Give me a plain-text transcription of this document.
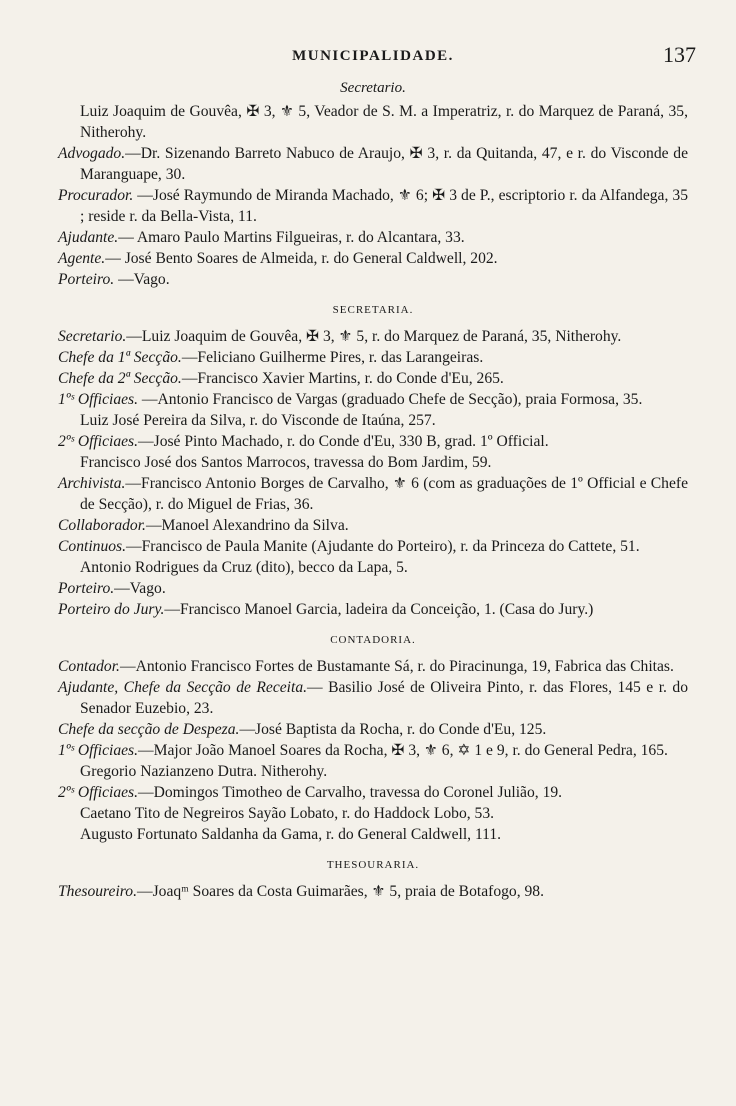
MUNICIPALIDADE.	137
Secretario.

Luiz Joaquim de Gouvêa, ✠ 3, ⚜ 5, Veador de S. M. a Imperatriz, r. do Marquez de Paraná, 35, Nitherohy.

Advogado.—Dr. Sizenando Barreto Nabuco de Araujo, ✠ 3, r. da Quitanda, 47, e r. do Visconde de Maranguape, 30.

Procurador. —José Raymundo de Miranda Machado, ⚜ 6; ✠ 3 de P., escriptorio r. da Alfandega, 35 ; reside r. da Bella-Vista, 11.

Ajudante.— Amaro Paulo Martins Filgueiras, r. do Alcantara, 33.

Agente.— José Bento Soares de Almeida, r. do General Caldwell, 202.

Porteiro. —Vago.

SECRETARIA.

Secretario.—Luiz Joaquim de Gouvêa, ✠ 3, ⚜ 5, r. do Marquez de Paraná, 35, Nitherohy.

Chefe da 1ª Secção.—Feliciano Guilherme Pires, r. das Larangeiras.

Chefe da 2ª Secção.—Francisco Xavier Martins, r. do Conde d'Eu, 265.

1ºˢ Officiaes. —Antonio Francisco de Vargas (graduado Chefe de Secção), praia Formosa, 35.

Luiz José Pereira da Silva, r. do Visconde de Itaúna, 257.

2ºˢ Officiaes.—José Pinto Machado, r. do Conde d'Eu, 330 B, grad. 1º Official.

Francisco José dos Santos Marrocos, travessa do Bom Jardim, 59.

Archivista.—Francisco Antonio Borges de Carvalho, ⚜ 6 (com as graduações de 1º Official e Chefe de Secção), r. do Miguel de Frias, 36.

Collaborador.—Manoel Alexandrino da Silva.

Continuos.—Francisco de Paula Manite (Ajudante do Porteiro), r. da Princeza do Cattete, 51.

Antonio Rodrigues da Cruz (dito), becco da Lapa, 5.

Porteiro.—Vago.

Porteiro do Jury.—Francisco Manoel Garcia, ladeira da Conceição, 1. (Casa do Jury.)

CONTADORIA.

Contador.—Antonio Francisco Fortes de Bustamante Sá, r. do Piracinunga, 19, Fabrica das Chitas.

Ajudante, Chefe da Secção de Receita.— Basilio José de Oliveira Pinto, r. das Flores, 145 e r. do Senador Euzebio, 23.

Chefe da secção de Despeza.—José Baptista da Rocha, r. do Conde d'Eu, 125.

1ºˢ Officiaes.—Major João Manoel Soares da Rocha, ✠ 3, ⚜ 6, ✡ 1 e 9, r. do General Pedra, 165.

Gregorio Nazianzeno Dutra. Nitherohy.

2ºˢ Officiaes.—Domingos Timotheo de Carvalho, travessa do Coronel Julião, 19.

Caetano Tito de Negreiros Sayão Lobato, r. do Haddock Lobo, 53.

Augusto Fortunato Saldanha da Gama, r. do General Caldwell, 111.

THESOURARIA.

Thesoureiro.—Joaqᵐ Soares da Costa Guimarães, ⚜ 5, praia de Botafogo, 98.
